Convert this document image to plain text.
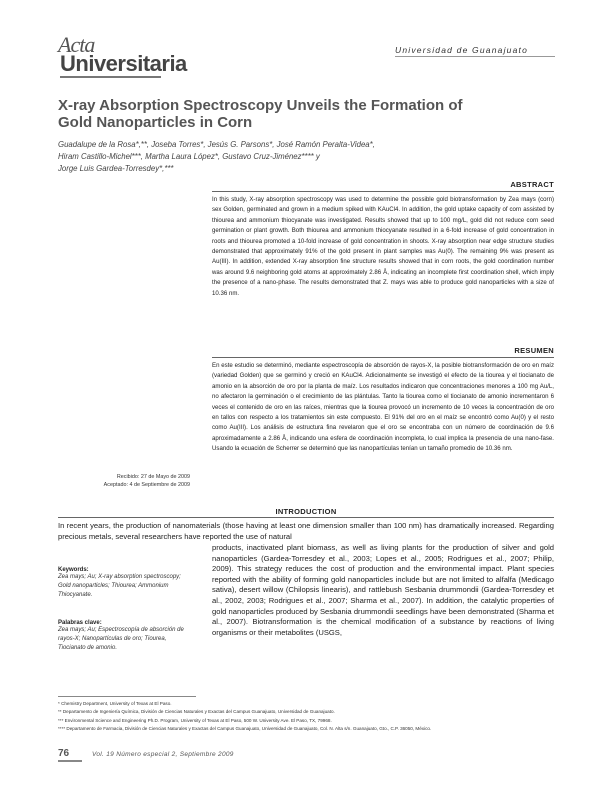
Acta
Universitaria
Universidad de Guanajuato
X-ray Absorption Spectroscopy Unveils the Formation of Gold Nanoparticles in Corn
Guadalupe de la Rosa*,**, Joseba Torres*, Jesús G. Parsons*, José Ramón Peralta-Videa*,
Hiram Castillo-Michel***, Martha Laura López*, Gustavo Cruz-Jiménez**** y
Jorge Luis Gardea-Torresdey*,***
ABSTRACT
In this study, X-ray absorption spectroscopy was used to determine the possible gold biotransformation by Zea mays (corn) sex Golden, germinated and grown in a medium spiked with KAuCl4. In addition, the gold uptake capacity of corn assisted by thiourea and ammonium thiocyanate was investigated. Results showed that up to 100 mg/L, gold did not reduce corn seed germination or plant growth. Both thiourea and ammonium thiocyanate resulted in a 6-fold increase of gold concentration in roots and thiourea promoted a 10-fold increase of gold concentration in shoots. X-ray absorption near edge structure studies demonstrated that approximately 91% of the gold present in plant samples was Au(0). The remaining 9% was present as Au(III). In addition, extended X-ray absorption fine structure results showed that in corn roots, the gold coordination number was around 9.6 neighboring gold atoms at approximately 2.86 Å, indicating an incomplete first coordination shell, which imply the presence of a nano-phase. The results demonstrated that Z. mays was able to produce gold nanoparticles with a size of 10.36 nm.
RESUMEN
En este estudio se determinó, mediante espectroscopía de absorción de rayos-X, la posible biotransformación de oro en maíz (variedad Golden) que se germinó y creció en KAuCl4. Adicionalmente se investigó el efecto de la tiourea y el tiocianato de amonio en la absorción de oro por la planta de maíz. Los resultados indicaron que concentraciones menores a 100 mg Au/L, no afectaron la germinación o el crecimiento de las plántulas. Tanto la tiourea como el tiocianato de amonio incrementaron 6 veces el contenido de oro en las raíces, mientras que la tiourea provocó un incremento de 10 veces la concentración de oro en tallos con respecto a los tratamientos sin este compuesto. El 91% del oro en el maíz se encontró como Au(0) y el resto como Au(III). Los análisis de estructura fina revelaron que el oro se encontraba con un número de coordinación de 9.6 aproximadamente a 2.86 Å, indicando una esfera de coordinación incompleta, lo cual implica la presencia de una nano-fase. Usando la ecuación de Scherrer se determinó que las nanopartículas tenían un tamaño promedio de 10.36 nm.
Recibido: 27 de Mayo de 2009
Aceptado: 4 de Septiembre de 2009
INTRODUCTION
In recent years, the production of nanomaterials (those having at least one dimension smaller than 100 nm) has dramatically increased. Regarding precious metals, several researchers have reported the use of natural
products, inactivated plant biomass, as well as living plants for the production of silver and gold nanoparticles (Gardea-Torresdey et al., 2003; Lopes et al., 2005; Rodrigues et al., 2007; Philip, 2009). This strategy reduces the cost of production and the environmental impact. Plant species reported with the ability of forming gold nanoparticles include but are not limited to alfalfa (Medicago sativa), desert willow (Chilopsis linearis), and rattlebush Sesbania drummondii (Gardea-Torresdey et al., 2002, 2003; Rodrigues et al., 2007; Sharma et al., 2007). In addition, the catalytic properties of gold nanoparticles produced by Sesbania drummondii seedlings have been demonstrated (Sharma et al., 2007). Biotransformation is the chemical modification of a substance by reactions of living organisms or their metabolites (USGS,
Keywords:
Zea mays; Au; X-ray absorption spectroscopy; Gold nanoparticles; Thiourea; Ammonium Thiocyanate.
Palabras clave:
Zea mays; Au; Espectroscopía de absorción de rayos-X; Nanopartículas de oro; Tiourea, Tiocianato de amonio.
* Chemistry Department, University of Texas at El Paso.
** Departamento de Ingeniería Química, División de Ciencias Naturales y Exactas del Campus Guanajuato, Universidad de Guanajuato.
*** Environmental Science and Engineering Ph.D. Program, University of Texas at El Paso, 500 W. University Ave. El Paso, TX, 79968.
**** Departamento de Farmacia, División de Ciencias Naturales y Exactas del Campus Guanajuato, Universidad de Guanajuato, Col. N. Alta s/n. Guanajuato, Gto., C.P. 36050, México.
76	Vol. 19 Número especial 2, Septiembre 2009
